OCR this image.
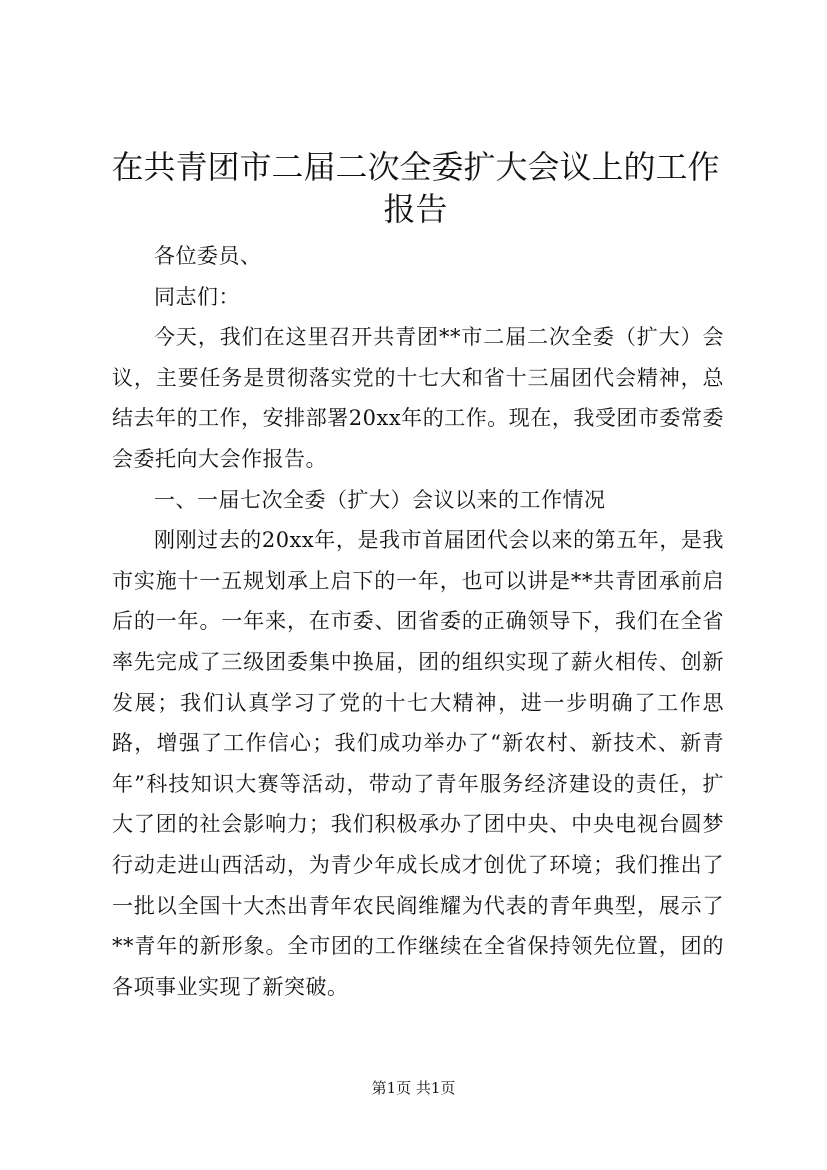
在共青团市二届二次全委扩大会议上的工作报告

各位委员、

同志们：

今天，我们在这里召开共青团**市二届二次全委（扩大）会议，主要任务是贯彻落实党的十七大和省十三届团代会精神，总结去年的工作，安排部署20xx年的工作。现在，我受团市委常委会委托向大会作报告。

一、一届七次全委（扩大）会议以来的工作情况

刚刚过去的20xx年，是我市首届团代会以来的第五年，是我市实施十一五规划承上启下的一年，也可以讲是**共青团承前启后的一年。一年来，在市委、团省委的正确领导下，我们在全省率先完成了三级团委集中换届，团的组织实现了薪火相传、创新发展；我们认真学习了党的十七大精神，进一步明确了工作思路，增强了工作信心；我们成功举办了“新农村、新技术、新青年”科技知识大赛等活动，带动了青年服务经济建设的责任，扩大了团的社会影响力；我们积极承办了团中央、中央电视台圆梦行动走进山西活动，为青少年成长成才创优了环境；我们推出了一批以全国十大杰出青年农民阎维耀为代表的青年典型，展示了**青年的新形象。全市团的工作继续在全省保持领先位置，团的各项事业实现了新突破。

第1页 共1页
